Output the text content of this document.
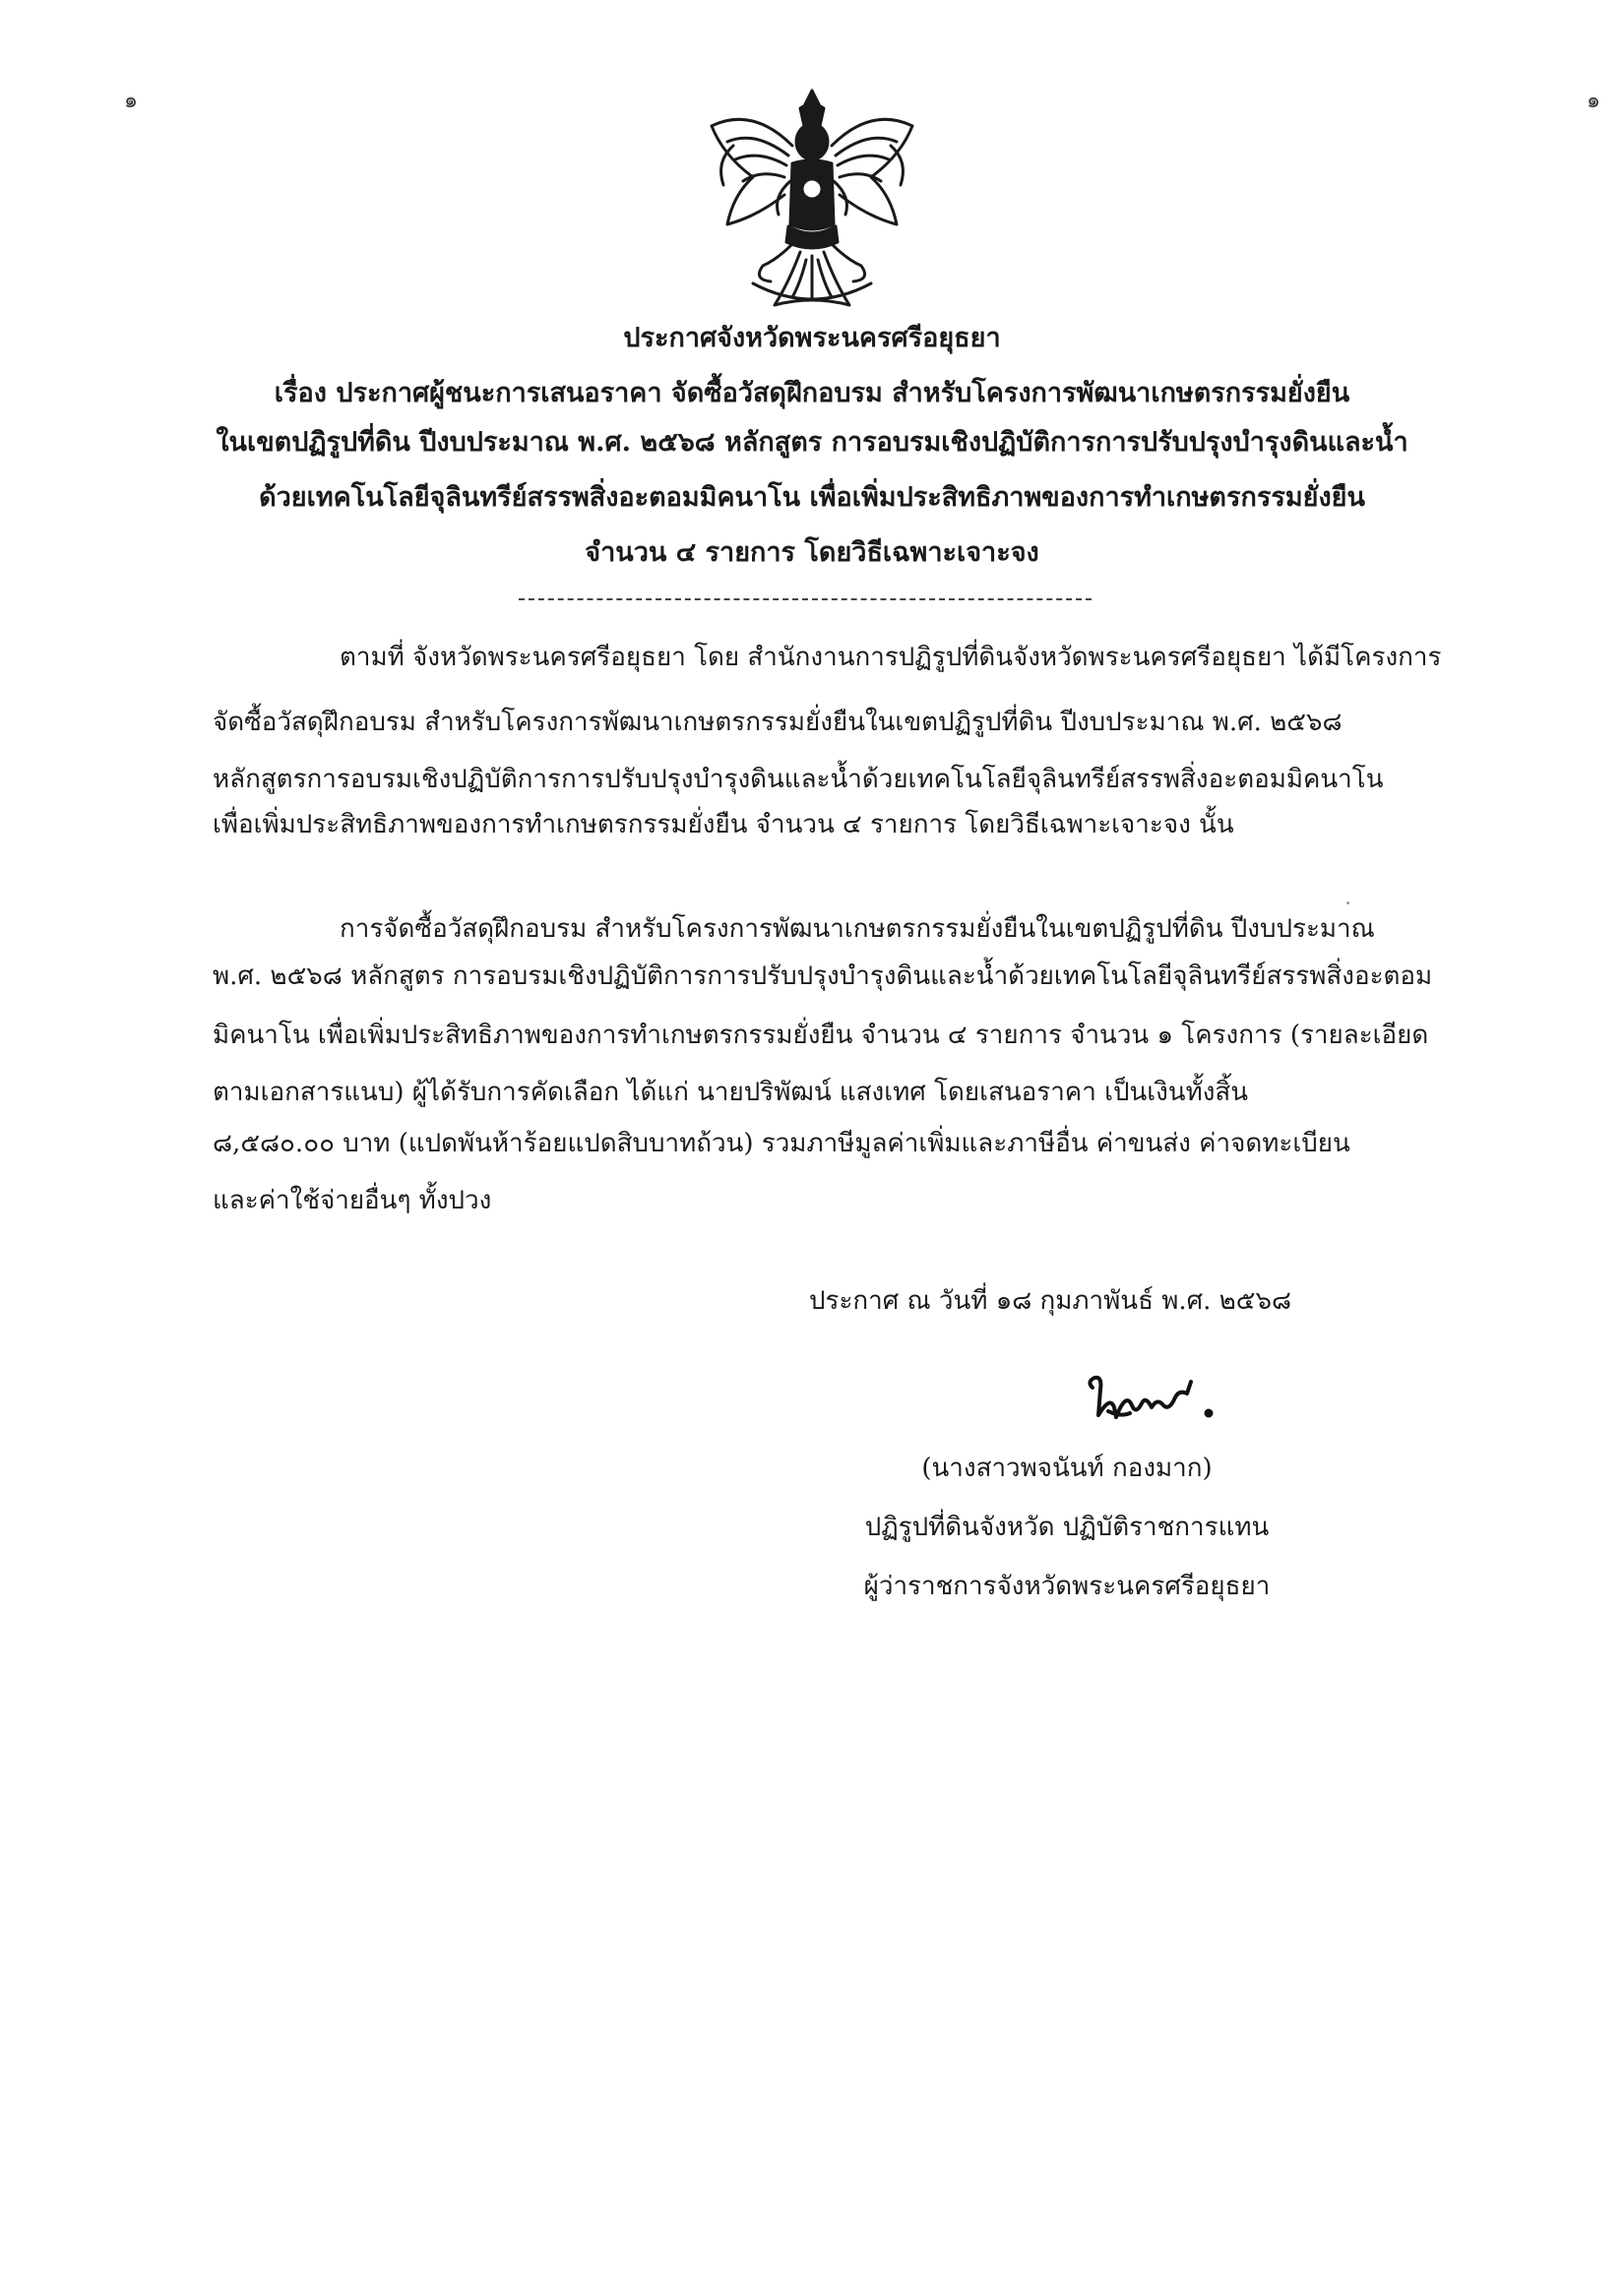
๑	๑
ประกาศจังหวัดพระนครศรีอยุธยา
เรื่อง ประกาศผู้ชนะการเสนอราคา จัดซื้อวัสดุฝึกอบรม สำหรับโครงการพัฒนาเกษตรกรรมยั่งยืน
ในเขตปฏิรูปที่ดิน ปีงบประมาณ พ.ศ. ๒๕๖๘ หลักสูตร การอบรมเชิงปฏิบัติการการปรับปรุงบำรุงดินและน้ำ
ด้วยเทคโนโลยีจุลินทรีย์สรรพสิ่งอะตอมมิคนาโน เพื่อเพิ่มประสิทธิภาพของการทำเกษตรกรรมยั่งยืน
จำนวน ๔ รายการ โดยวิธีเฉพาะเจาะจง
ตามที่ จังหวัดพระนครศรีอยุธยา โดย สำนักงานการปฏิรูปที่ดินจังหวัดพระนครศรีอยุธยา ได้มีโครงการ
จัดซื้อวัสดุฝึกอบรม สำหรับโครงการพัฒนาเกษตรกรรมยั่งยืนในเขตปฏิรูปที่ดิน ปีงบประมาณ พ.ศ. ๒๕๖๘
หลักสูตรการอบรมเชิงปฏิบัติการการปรับปรุงบำรุงดินและน้ำด้วยเทคโนโลยีจุลินทรีย์สรรพสิ่งอะตอมมิคนาโน
เพื่อเพิ่มประสิทธิภาพของการทำเกษตรกรรมยั่งยืน จำนวน ๔ รายการ โดยวิธีเฉพาะเจาะจง นั้น
การจัดซื้อวัสดุฝึกอบรม สำหรับโครงการพัฒนาเกษตรกรรมยั่งยืนในเขตปฏิรูปที่ดิน ปีงบประมาณ
พ.ศ. ๒๕๖๘ หลักสูตร การอบรมเชิงปฏิบัติการการปรับปรุงบำรุงดินและน้ำด้วยเทคโนโลยีจุลินทรีย์สรรพสิ่งอะตอม
มิคนาโน เพื่อเพิ่มประสิทธิภาพของการทำเกษตรกรรมยั่งยืน จำนวน ๔ รายการ จำนวน ๑ โครงการ (รายละเอียด
ตามเอกสารแนบ) ผู้ได้รับการคัดเลือก ได้แก่ นายปริพัฒน์ แสงเทศ โดยเสนอราคา เป็นเงินทั้งสิ้น
๘,๕๘๐.๐๐ บาท (แปดพันห้าร้อยแปดสิบบาทถ้วน) รวมภาษีมูลค่าเพิ่มและภาษีอื่น ค่าขนส่ง ค่าจดทะเบียน
และค่าใช้จ่ายอื่นๆ ทั้งปวง
ประกาศ ณ วันที่ ๑๘ กุมภาพันธ์ พ.ศ. ๒๕๖๘
(นางสาวพจนันท์ กองมาก)
ปฏิรูปที่ดินจังหวัด ปฏิบัติราชการแทน
ผู้ว่าราชการจังหวัดพระนครศรีอยุธยา
